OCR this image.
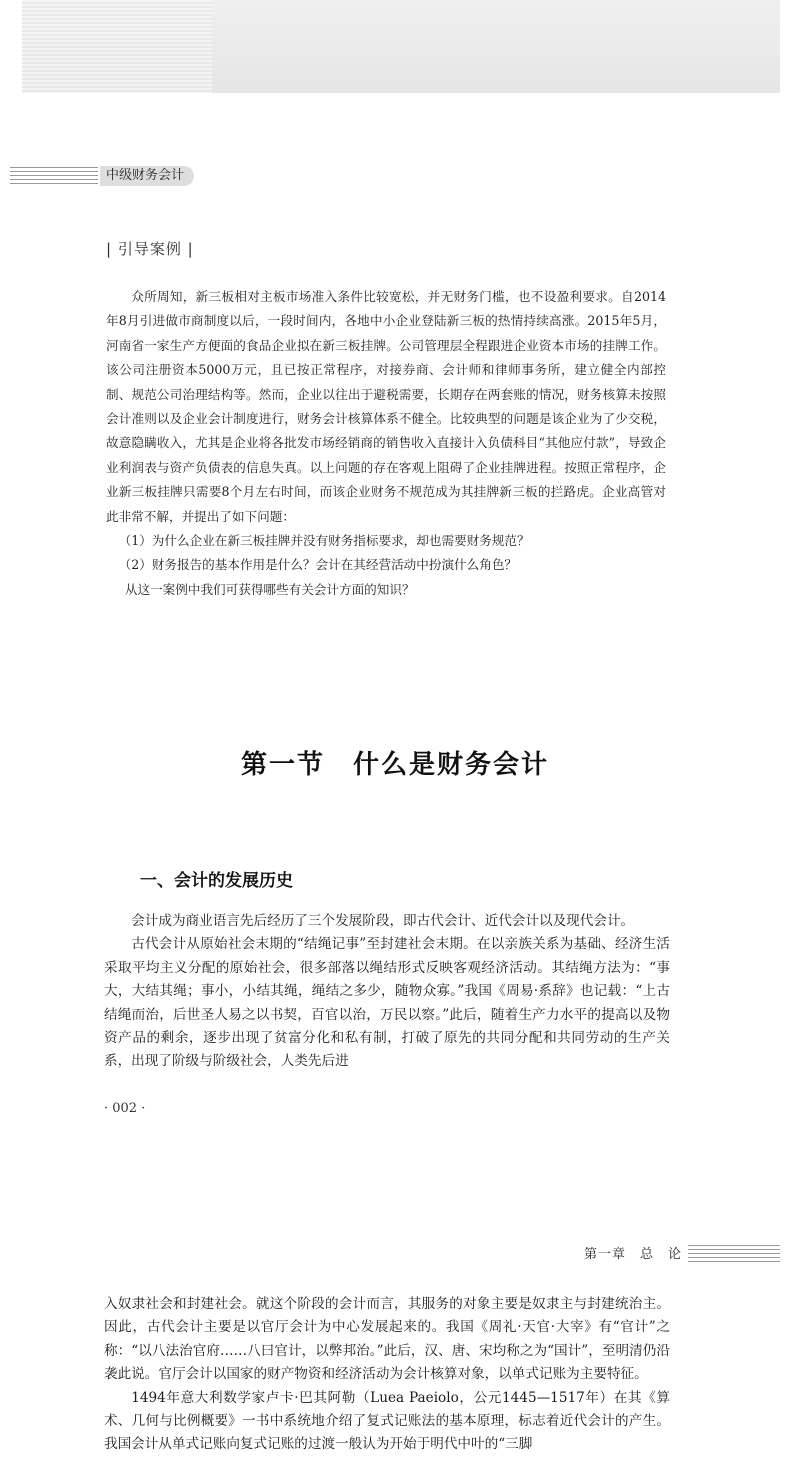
中级财务会计
| 引导案例 |

众所周知，新三板相对主板市场准入条件比较宽松，并无财务门槛，也不设盈利要求。自2014年8月引进做市商制度以后，一段时间内，各地中小企业登陆新三板的热情持续高涨。2015年5月，河南省一家生产方便面的食品企业拟在新三板挂牌。公司管理层全程跟进企业资本市场的挂牌工作。该公司注册资本5000万元，且已按正常程序，对接券商、会计师和律师事务所，建立健全内部控制、规范公司治理结构等。然而，企业以往出于避税需要，长期存在两套账的情况，财务核算未按照会计准则以及企业会计制度进行，财务会计核算体系不健全。比较典型的问题是该企业为了少交税，故意隐瞒收入，尤其是企业将各批发市场经销商的销售收入直接计入负债科目“其他应付款”，导致企业利润表与资产负债表的信息失真。以上问题的存在客观上阻碍了企业挂牌进程。按照正常程序，企业新三板挂牌只需要8个月左右时间，而该企业财务不规范成为其挂牌新三板的拦路虎。企业高管对此非常不解，并提出了如下问题：

（1）为什么企业在新三板挂牌并没有财务指标要求，却也需要财务规范？

（2）财务报告的基本作用是什么？会计在其经营活动中扮演什么角色？

从这一案例中我们可获得哪些有关会计方面的知识？

第一节　什么是财务会计
一、会计的发展历史

会计成为商业语言先后经历了三个发展阶段，即古代会计、近代会计以及现代会计。

古代会计从原始社会末期的“结绳记事”至封建社会末期。在以亲族关系为基础、经济生活采取平均主义分配的原始社会，很多部落以绳结形式反映客观经济活动。其结绳方法为：“事大，大结其绳；事小，小结其绳，绳结之多少，随物众寡。”我国《周易·系辞》也记载：“上古结绳而治，后世圣人易之以书契，百官以治，万民以察。”此后，随着生产力水平的提高以及物资产品的剩余，逐步出现了贫富分化和私有制，打破了原先的共同分配和共同劳动的生产关系，出现了阶级与阶级社会，人类先后进

· 002 ·
第一章　总　论

入奴隶社会和封建社会。就这个阶段的会计而言，其服务的对象主要是奴隶主与封建统治主。因此，古代会计主要是以官厅会计为中心发展起来的。我国《周礼·天官·大宰》有“官计”之称：“以八法治官府……八曰官计，以弊邦治。”此后，汉、唐、宋均称之为“国计”，至明清仍沿袭此说。官厅会计以国家的财产物资和经济活动为会计核算对象，以单式记账为主要特征。

1494年意大利数学家卢卡·巴其阿勒（Luea Paeiolo，公元1445—1517年）在其《算术、几何与比例概要》一书中系统地介绍了复式记账法的基本原理，标志着近代会计的产生。我国会计从单式记账向复式记账的过渡一般认为开始于明代中叶的“三脚
